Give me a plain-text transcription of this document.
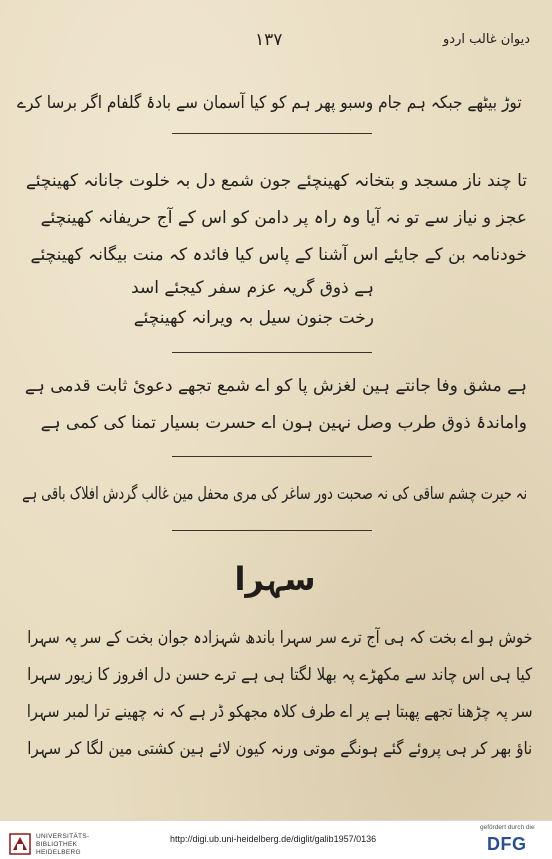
دیوان غالب اردو
۱۳۷
توڑ بیٹھے جبکہ ہم جام وسبو پھر ہم کو کیا آسمان سے بادۂ گلفام اگر برسا کرے
تا چند ناز مسجد و بتخانہ کھینچئے جون شمع دل بہ خلوت جانانہ کھینچئے
عجز و نیاز سے تو نہ آیا وہ راہ پر دامن کو اس کے آج حریفانہ کھینچئے
خودنامہ بن کے جایئے اس آشنا کے پاس کیا فائدہ کہ منت بیگانہ کھینچئے
ہے ذوق گریہ عزم سفر کیجئے اسد
رخت جنون سیل بہ ویرانہ کھینچئے
ہے مشق وفا جانتے ہین لغزش پا کو اے شمع تجھے دعویٔ ثابت قدمی ہے
واماندۂ ذوق طرب وصل نہین ہون اے حسرت بسیار تمنا کی کمی ہے
نہ حیرت چشم ساقی کی نہ صحبت دور ساغر کی مری محفل مین غالب گردش افلاک باقی ہے
سہرا
خوش ہو اے بخت کہ ہی آج ترے سر سہرا باندھ شہزادہ جوان بخت کے سر پہ سہرا
کیا ہی اس چاند سے مکھڑے پہ بھلا لگتا ہی ہے ترے حسن دل افروز کا زیور سہرا
سر پہ چڑھنا تجھے پھبتا ہے پر اے طرف کلاہ مجھکو ڈر ہے کہ نہ چھینے ترا لمبر سہرا
ناؤ بھر کر ہی پروئے گئے ہونگے موتی ورنہ کیون لائے ہین کشتی مین لگا کر سہرا
UNIVERSITÄTS-
BIBLIOTHEK
HEIDELBERG
http://digi.ub.uni-heidelberg.de/diglit/galib1957/0136
gefördert durch die
DFG
